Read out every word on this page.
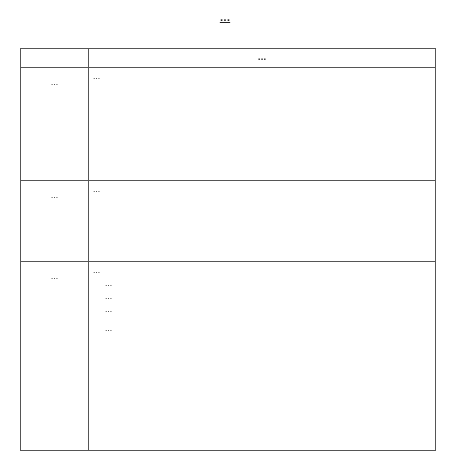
...
	...

...	...

...	...

...	...
...
...
...
...
